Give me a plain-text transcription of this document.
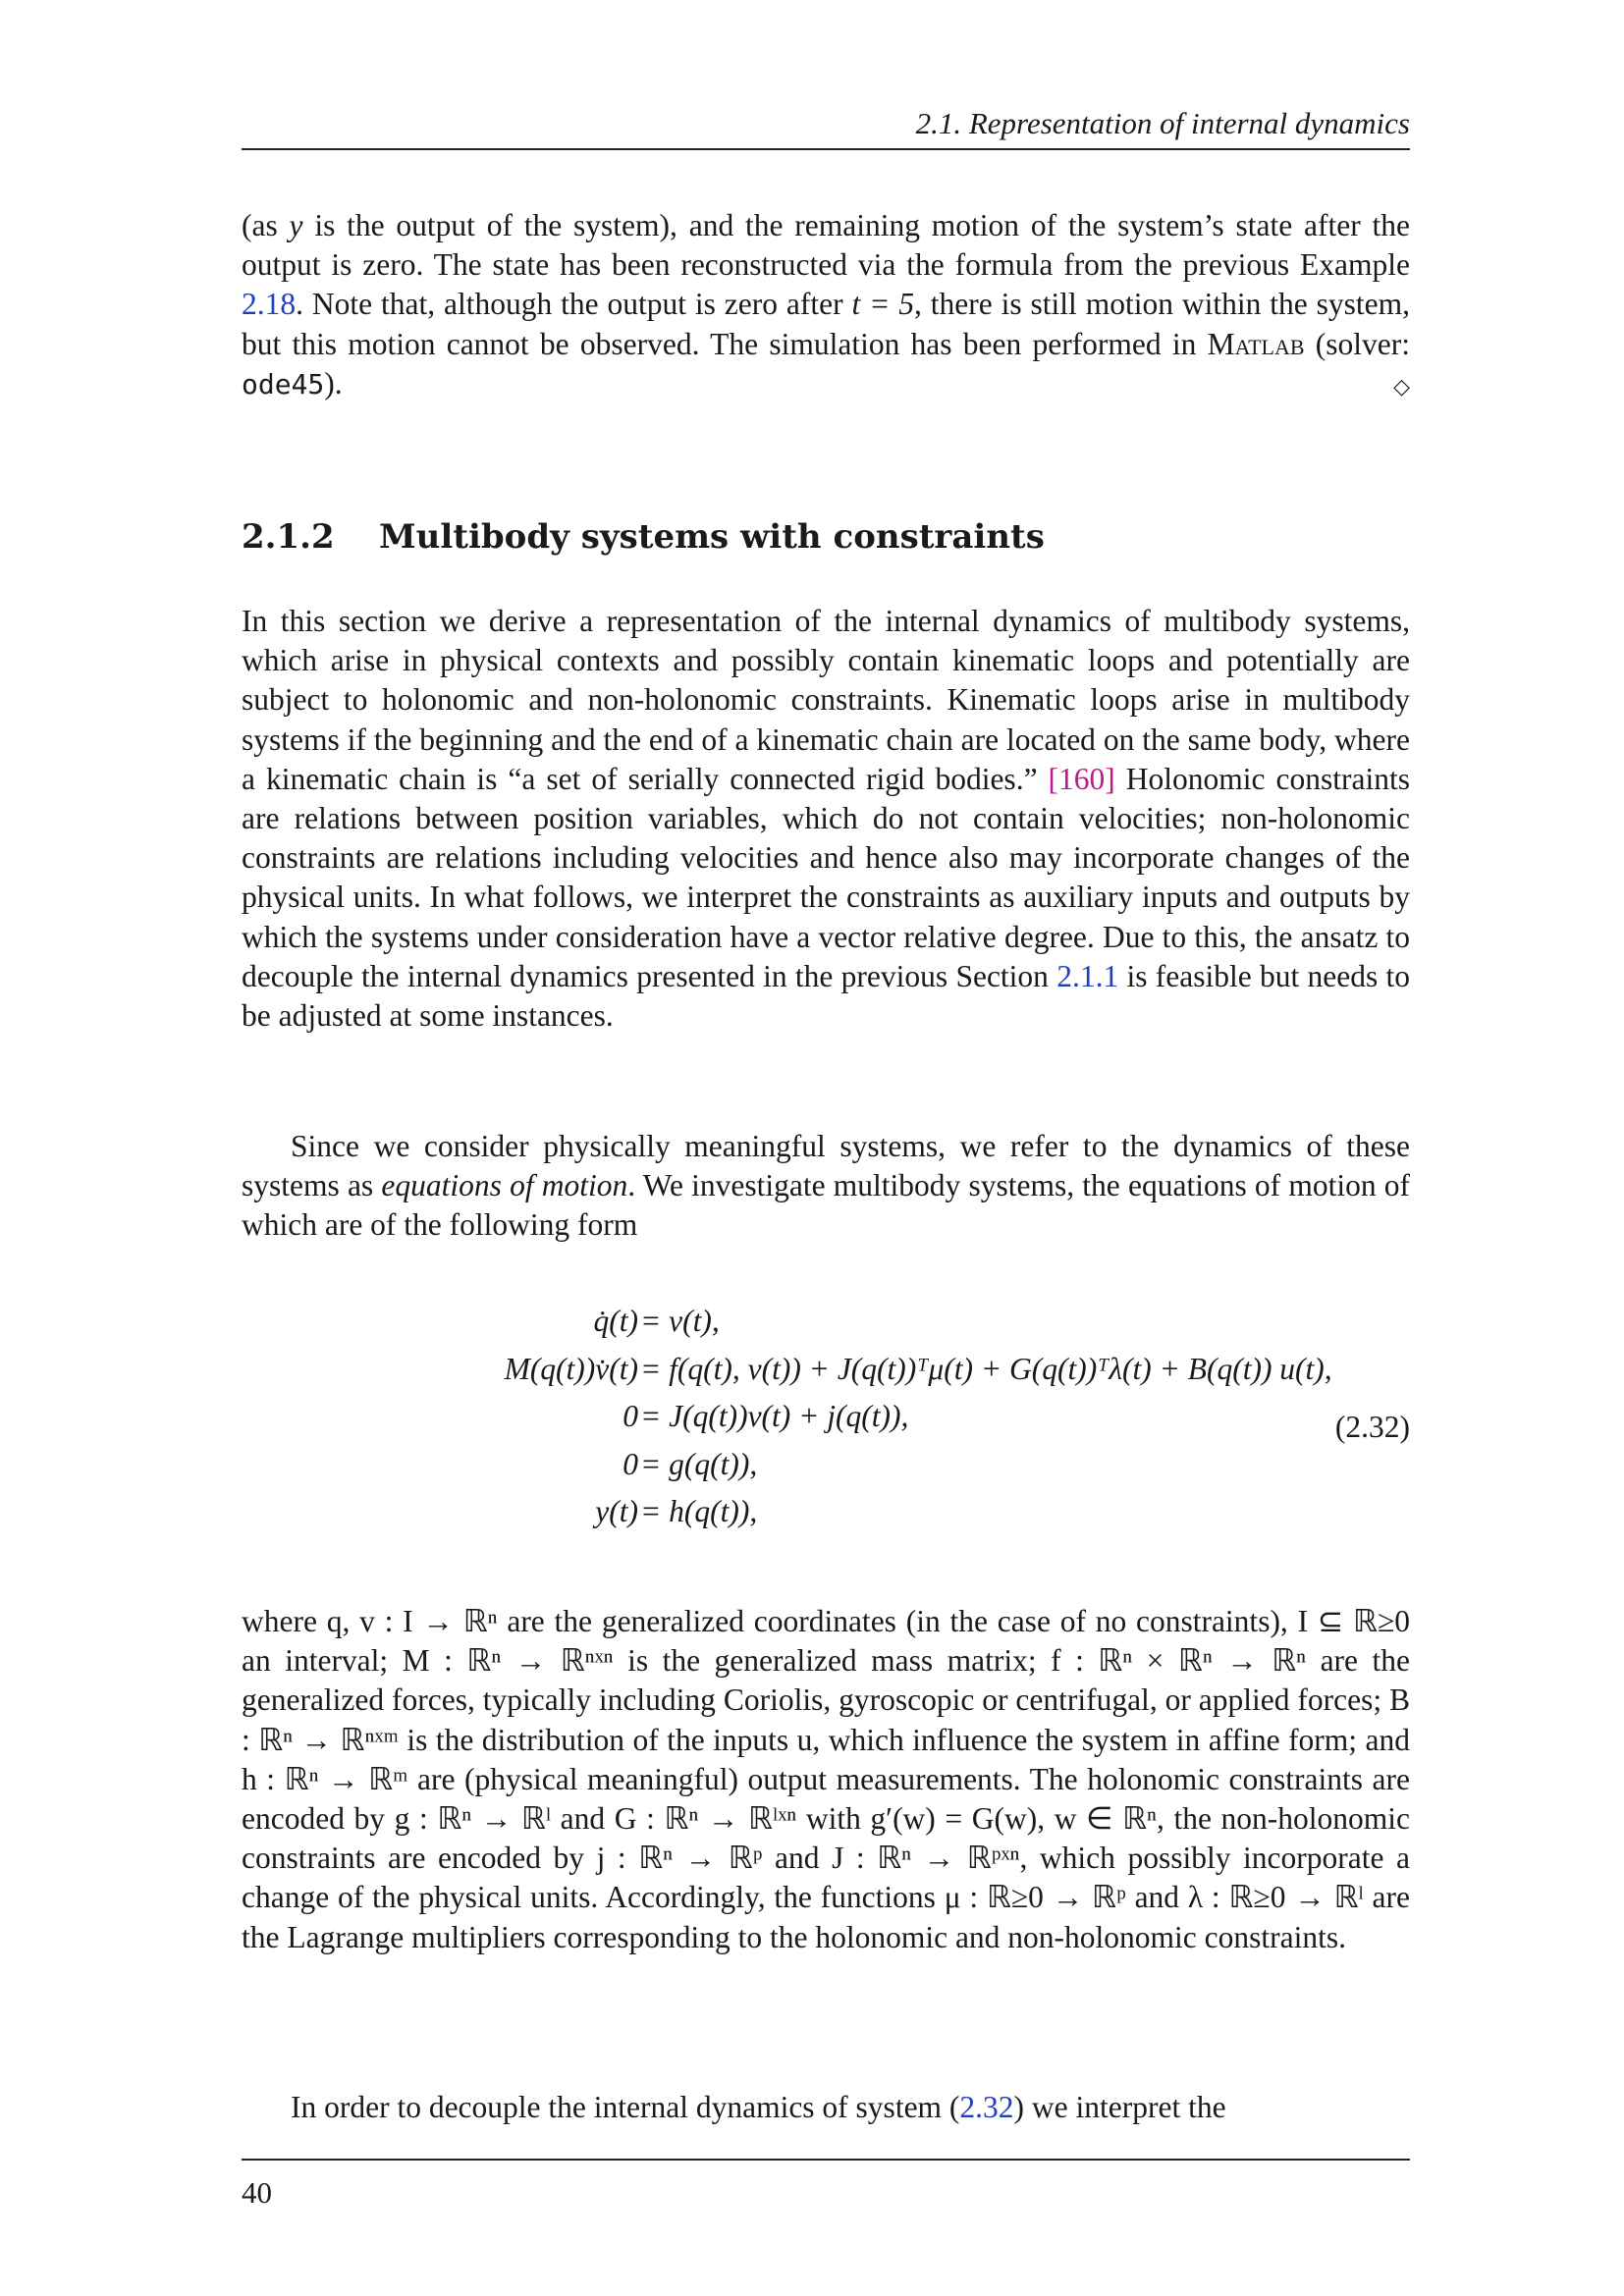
2.1. Representation of internal dynamics
(as y is the output of the system), and the remaining motion of the system’s state after the output is zero. The state has been reconstructed via the formula from the previous Example 2.18. Note that, although the output is zero after t = 5, there is still motion within the system, but this motion cannot be observed. The simulation has been performed in Matlab (solver: ode45).	◇
2.1.2 Multibody systems with constraints
In this section we derive a representation of the internal dynamics of multibody systems, which arise in physical contexts and possibly contain kinematic loops and potentially are subject to holonomic and non-holonomic constraints. Kinematic loops arise in multibody systems if the beginning and the end of a kinematic chain are located on the same body, where a kinematic chain is “a set of serially connected rigid bodies.” [160] Holonomic constraints are relations between position variables, which do not contain velocities; non-holonomic constraints are relations including velocities and hence also may incorporate changes of the physical units. In what follows, we interpret the constraints as auxiliary inputs and outputs by which the systems under consideration have a vector relative degree. Due to this, the ansatz to decouple the internal dynamics presented in the previous Section 2.1.1 is feasible but needs to be adjusted at some instances.
Since we consider physically meaningful systems, we refer to the dynamics of these systems as equations of motion. We investigate multibody systems, the equations of motion of which are of the following form
q̇(t) = v(t),
M(q(t))v̇(t) = f(q(t), v(t)) + J(q(t))ᵀμ(t) + G(q(t))ᵀλ(t) + B(q(t)) u(t),
0 = J(q(t))v(t) + j(q(t)),
0 = g(q(t)),
y(t) = h(q(t)),
(2.32)
where q, v : I → ℝⁿ are the generalized coordinates (in the case of no constraints), I ⊆ ℝ≥0 an interval; M : ℝⁿ → ℝⁿˣⁿ is the generalized mass matrix; f : ℝⁿ × ℝⁿ → ℝⁿ are the generalized forces, typically including Coriolis, gyroscopic or centrifugal, or applied forces; B : ℝⁿ → ℝⁿˣᵐ is the distribution of the inputs u, which influence the system in affine form; and h : ℝⁿ → ℝᵐ are (physical meaningful) output measurements. The holonomic constraints are encoded by g : ℝⁿ → ℝˡ and G : ℝⁿ → ℝˡˣⁿ with g′(w) = G(w), w ∈ ℝⁿ, the non-holonomic constraints are encoded by j : ℝⁿ → ℝᵖ and J : ℝⁿ → ℝᵖˣⁿ, which possibly incorporate a change of the physical units. Accordingly, the functions μ : ℝ≥0 → ℝᵖ and λ : ℝ≥0 → ℝˡ are the Lagrange multipliers corresponding to the holonomic and non-holonomic constraints.
In order to decouple the internal dynamics of system (2.32) we interpret the
40
